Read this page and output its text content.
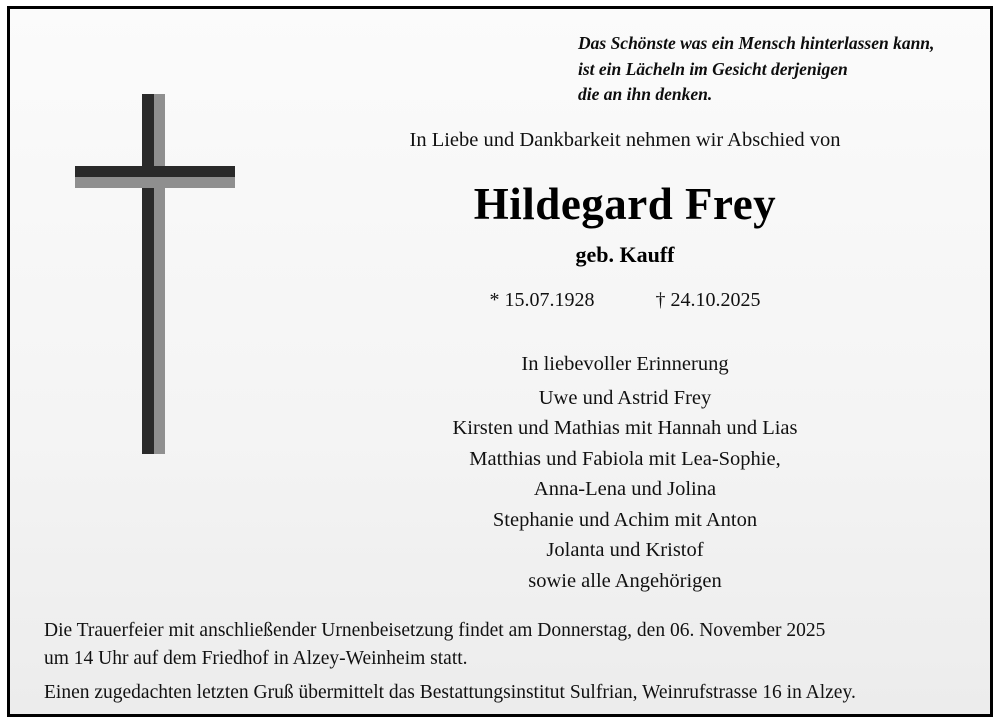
Das Schönste was ein Mensch hinterlassen kann,
ist ein Lächeln im Gesicht derjenigen
die an ihn denken.
In Liebe und Dankbarkeit nehmen wir Abschied von
Hildegard Frey
geb. Kauff
* 15.07.1928	† 24.10.2025
In liebevoller Erinnerung
Uwe und Astrid Frey
Kirsten und Mathias mit Hannah und Lias
Matthias und Fabiola mit Lea-Sophie,
Anna-Lena und Jolina
Stephanie und Achim mit Anton
Jolanta und Kristof
sowie alle Angehörigen
Die Trauerfeier mit anschließender Urnenbeisetzung findet am Donnerstag, den 06. November 2025
um 14 Uhr auf dem Friedhof in Alzey-Weinheim statt.
Einen zugedachten letzten Gruß übermittelt das Bestattungsinstitut Sulfrian, Weinrufstrasse 16 in Alzey.
